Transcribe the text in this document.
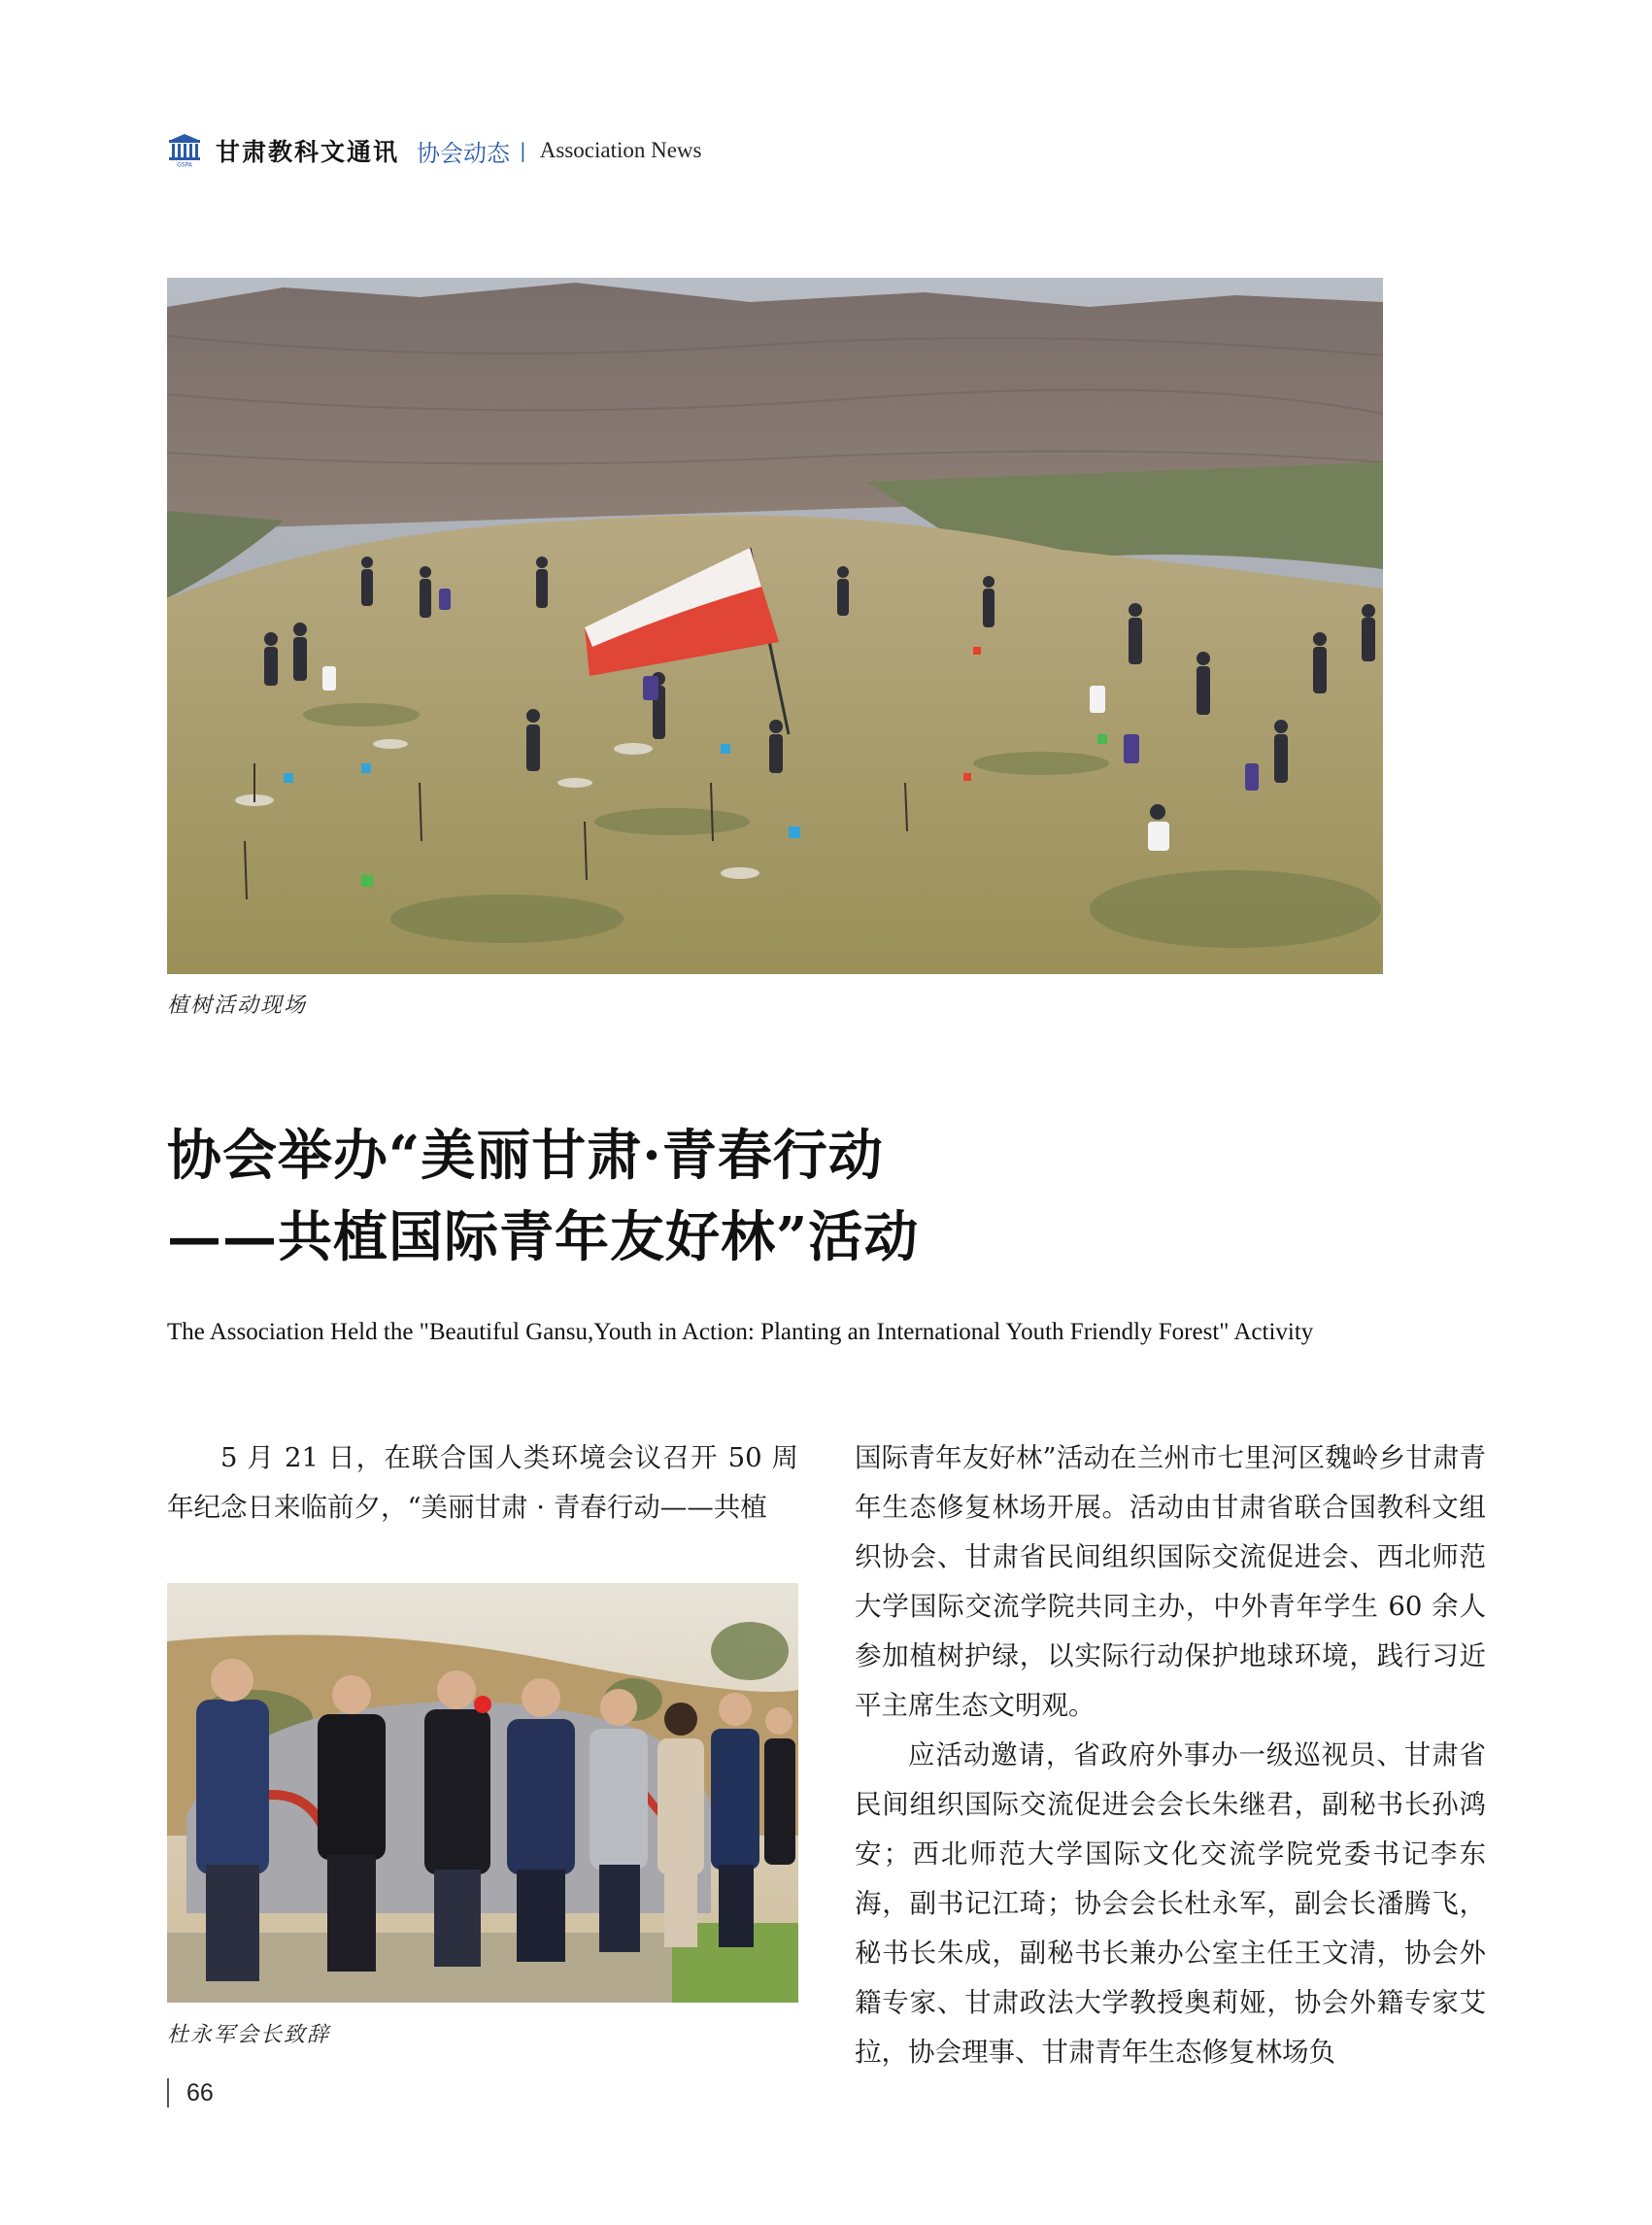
GSPA 甘肃教科文通讯 协会动态 | Association News
植树活动现场
协会举办“美丽甘肃·青春行动
——共植国际青年友好林”活动
The Association Held the "Beautiful Gansu,Youth in Action: Planting an International Youth Friendly Forest" Activity

5 月 21 日，在联合国人类环境会议召开 50 周年纪念日来临前夕，“美丽甘肃 · 青春行动——共植

杜永军会长致辞

国际青年友好林”活动在兰州市七里河区魏岭乡甘肃青年生态修复林场开展。活动由甘肃省联合国教科文组织协会、甘肃省民间组织国际交流促进会、西北师范大学国际交流学院共同主办，中外青年学生 60 余人参加植树护绿，以实际行动保护地球环境，践行习近平主席生态文明观。

应活动邀请，省政府外事办一级巡视员、甘肃省民间组织国际交流促进会会长朱继君，副秘书长孙鸿安；西北师范大学国际文化交流学院党委书记李东海，副书记江琦；协会会长杜永军，副会长潘腾飞，秘书长朱成，副秘书长兼办公室主任王文清，协会外籍专家、甘肃政法大学教授奥莉娅，协会外籍专家艾拉，协会理事、甘肃青年生态修复林场负

66
